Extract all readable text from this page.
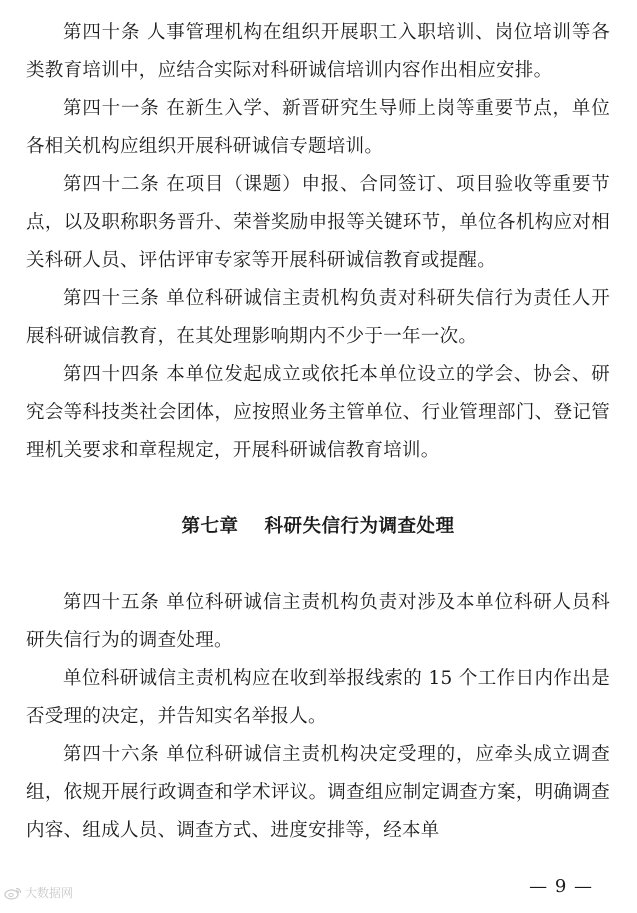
第四十条 人事管理机构在组织开展职工入职培训、岗位培训等各类教育培训中，应结合实际对科研诚信培训内容作出相应安排。

第四十一条 在新生入学、新晋研究生导师上岗等重要节点，单位各相关机构应组织开展科研诚信专题培训。

第四十二条 在项目（课题）申报、合同签订、项目验收等重要节点，以及职称职务晋升、荣誉奖励申报等关键环节，单位各机构应对相关科研人员、评估评审专家等开展科研诚信教育或提醒。

第四十三条 单位科研诚信主责机构负责对科研失信行为责任人开展科研诚信教育，在其处理影响期内不少于一年一次。

第四十四条 本单位发起成立或依托本单位设立的学会、协会、研究会等科技类社会团体，应按照业务主管单位、行业管理部门、登记管理机关要求和章程规定，开展科研诚信教育培训。

第七章 科研失信行为调查处理

第四十五条 单位科研诚信主责机构负责对涉及本单位科研人员科研失信行为的调查处理。

单位科研诚信主责机构应在收到举报线索的 15 个工作日内作出是否受理的决定，并告知实名举报人。

第四十六条 单位科研诚信主责机构决定受理的，应牵头成立调查组，依规开展行政调查和学术评议。调查组应制定调查方案，明确调查内容、组成人员、调查方式、进度安排等，经本单

大数据网	— 9 —
